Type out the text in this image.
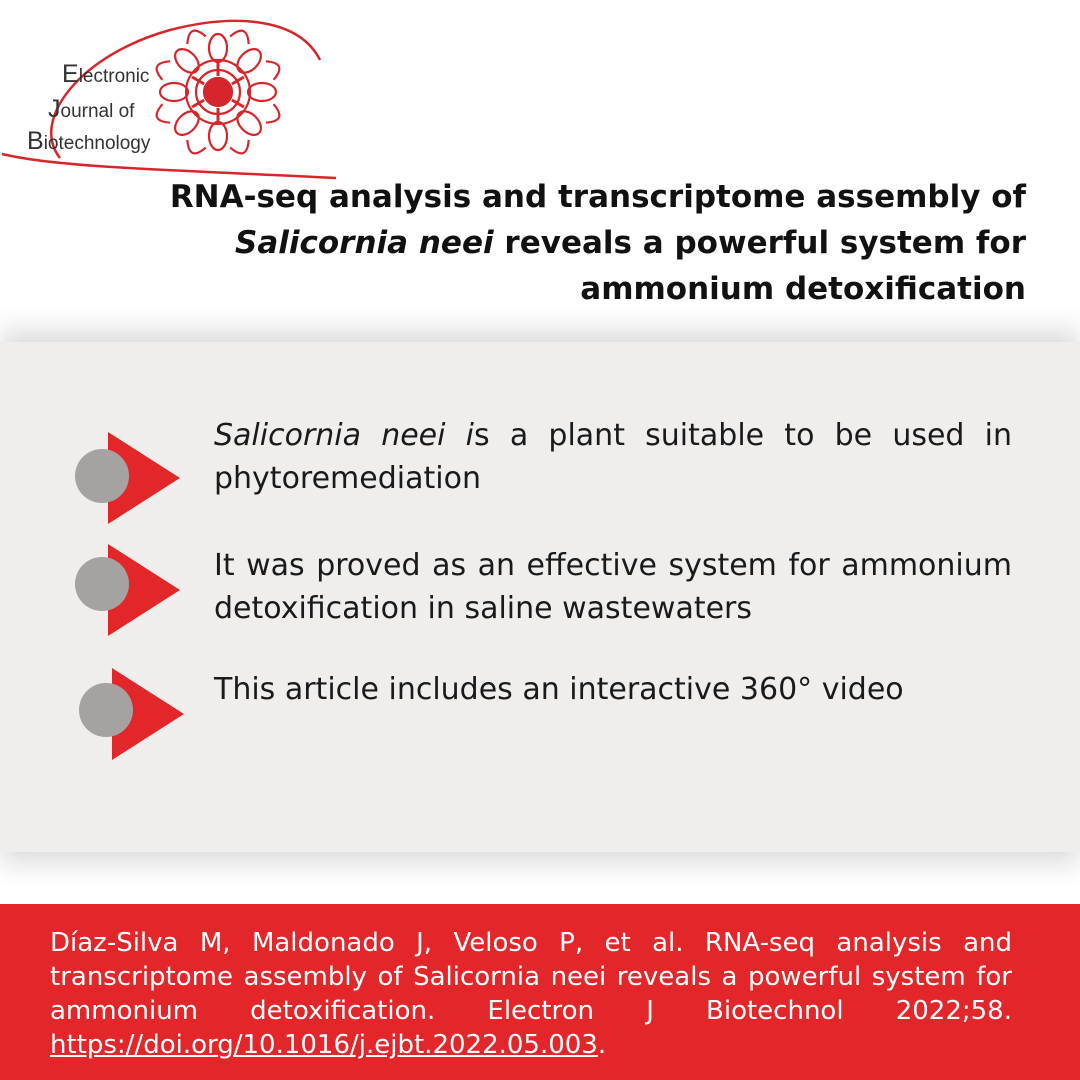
Electronic
Journal of
Biotechnology
RNA-seq analysis and transcriptome assembly of
Salicornia neei reveals a powerful system for
ammonium detoxification

Salicornia neei is a plant suitable to be used in phytoremediation

It was proved as an effective system for ammonium detoxification in saline wastewaters

This article includes an interactive 360° video

Díaz-Silva M, Maldonado J, Veloso P, et al. RNA-seq analysis and transcriptome assembly of Salicornia neei reveals a powerful system for ammonium detoxification. Electron J Biotechnol 2022;58. https://doi.org/10.1016/j.ejbt.2022.05.003.
